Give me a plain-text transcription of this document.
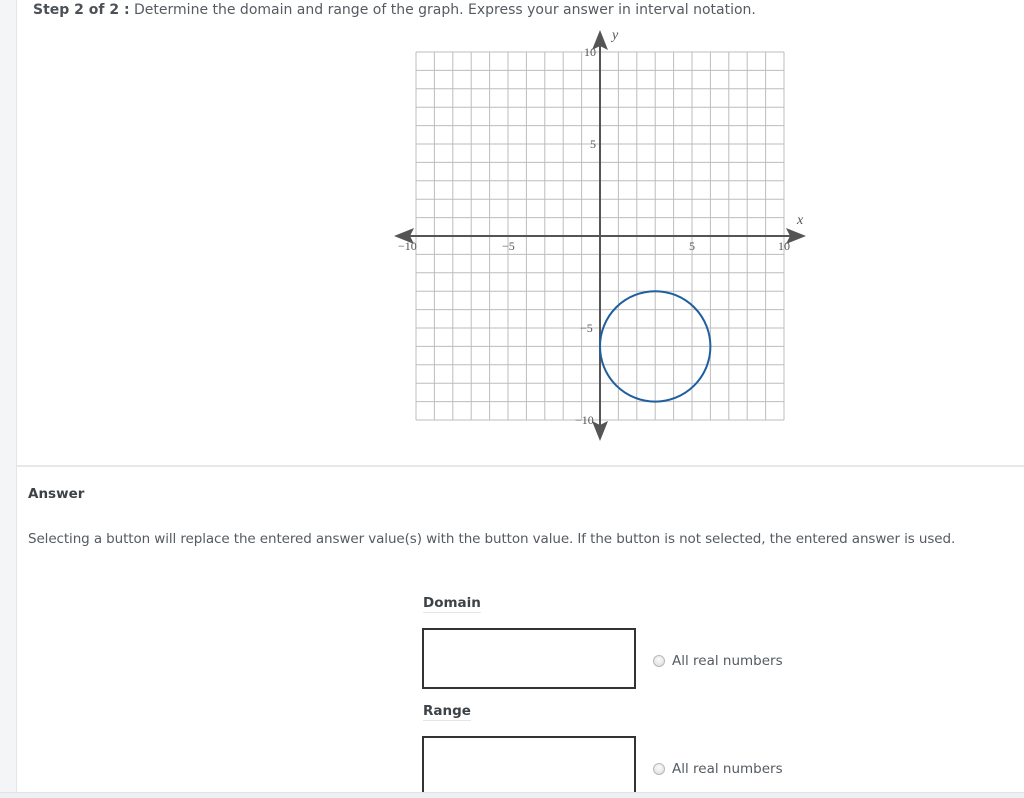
Step 2 of 2 : Determine the domain and range of the graph. Express your answer in interval notation.
−10	−5	5	10
10
5
−5
−10
x
y
Answer
Selecting a button will replace the entered answer value(s) with the button value. If the button is not selected, the entered answer is used.
Domain
All real numbers
Range
All real numbers
